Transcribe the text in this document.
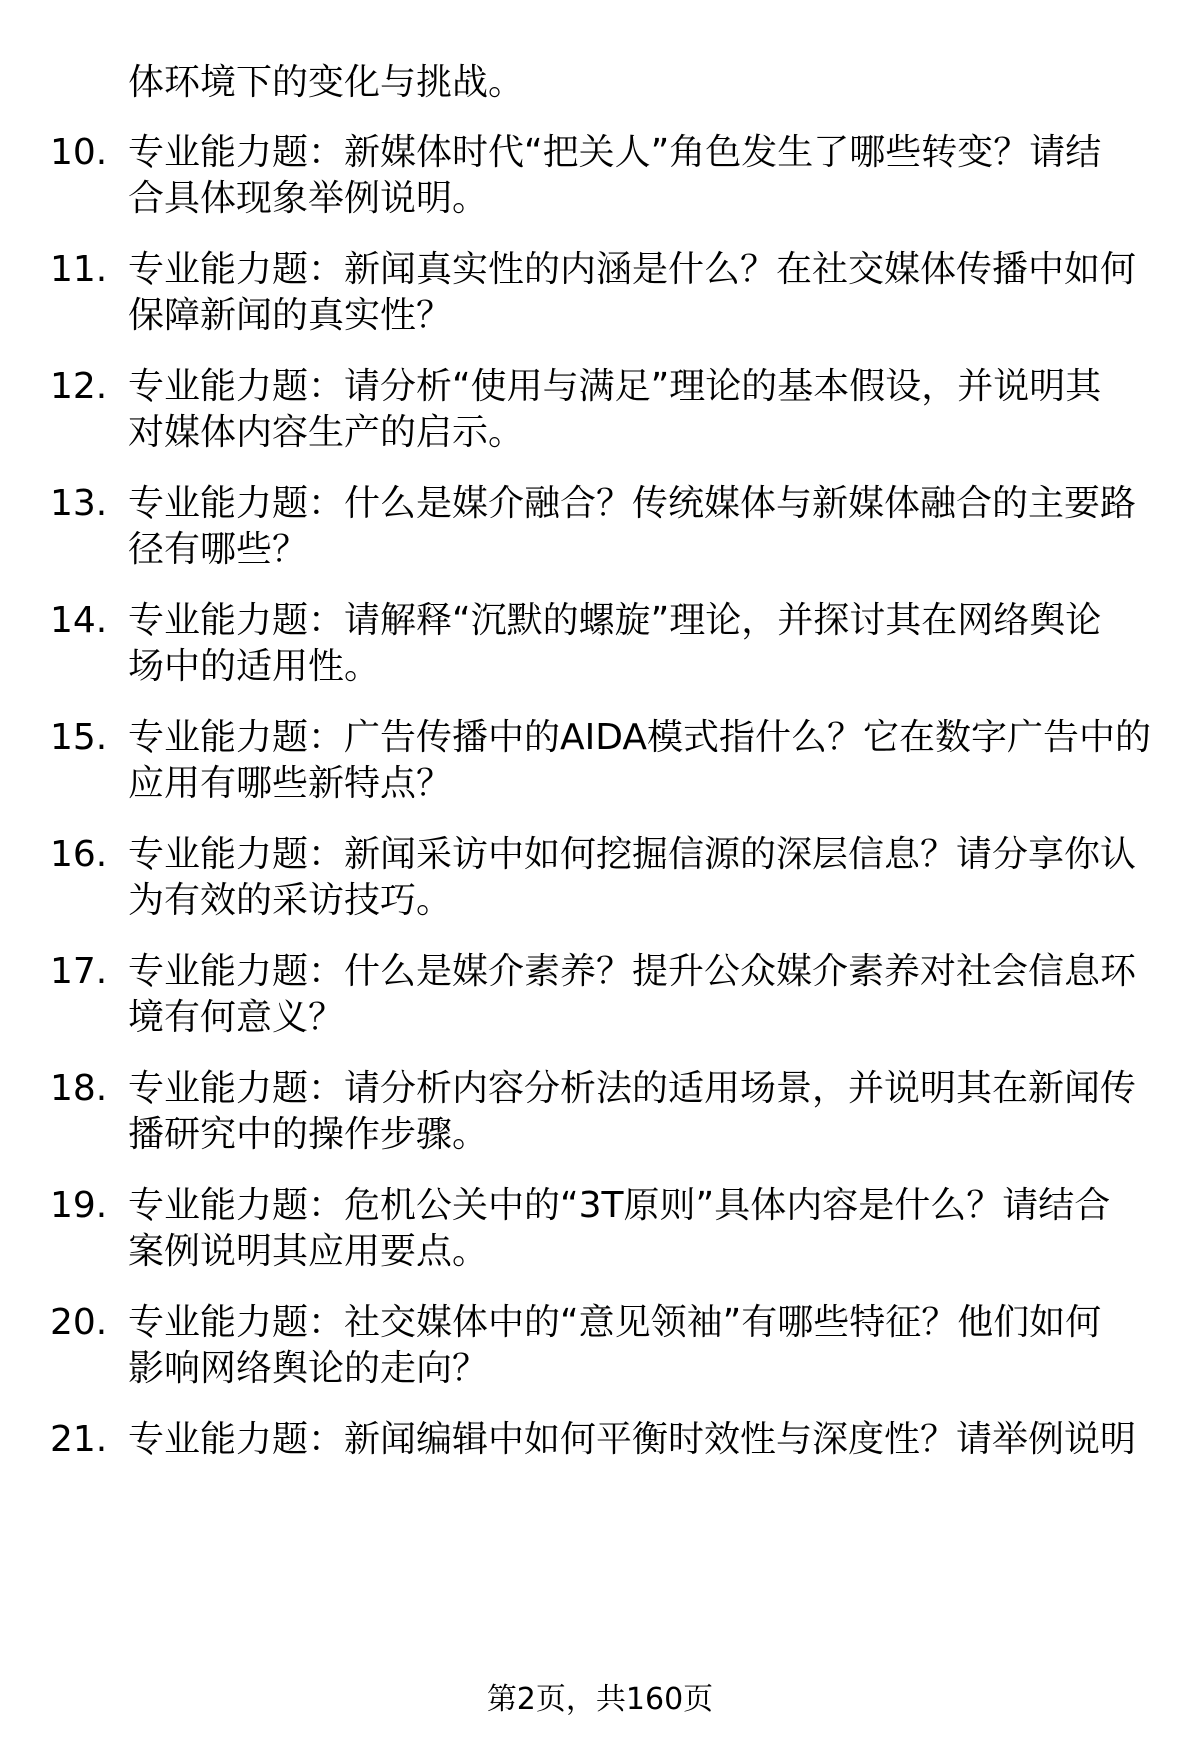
体环境下的变化与挑战。
10. 专业能力题：新媒体时代“把关人”角色发生了哪些转变？请结
合具体现象举例说明。
11. 专业能力题：新闻真实性的内涵是什么？在社交媒体传播中如何
保障新闻的真实性？
12. 专业能力题：请分析“使用与满足”理论的基本假设，并说明其
对媒体内容生产的启示。
13. 专业能力题：什么是媒介融合？传统媒体与新媒体融合的主要路
径有哪些？
14. 专业能力题：请解释“沉默的螺旋”理论，并探讨其在网络舆论
场中的适用性。
15. 专业能力题：广告传播中的AIDA模式指什么？它在数字广告中的
应用有哪些新特点？
16. 专业能力题：新闻采访中如何挖掘信源的深层信息？请分享你认
为有效的采访技巧。
17. 专业能力题：什么是媒介素养？提升公众媒介素养对社会信息环
境有何意义？
18. 专业能力题：请分析内容分析法的适用场景，并说明其在新闻传
播研究中的操作步骤。
19. 专业能力题：危机公关中的“3T原则”具体内容是什么？请结合
案例说明其应用要点。
20. 专业能力题：社交媒体中的“意见领袖”有哪些特征？他们如何
影响网络舆论的走向？
21. 专业能力题：新闻编辑中如何平衡时效性与深度性？请举例说明
第2页，共160页
